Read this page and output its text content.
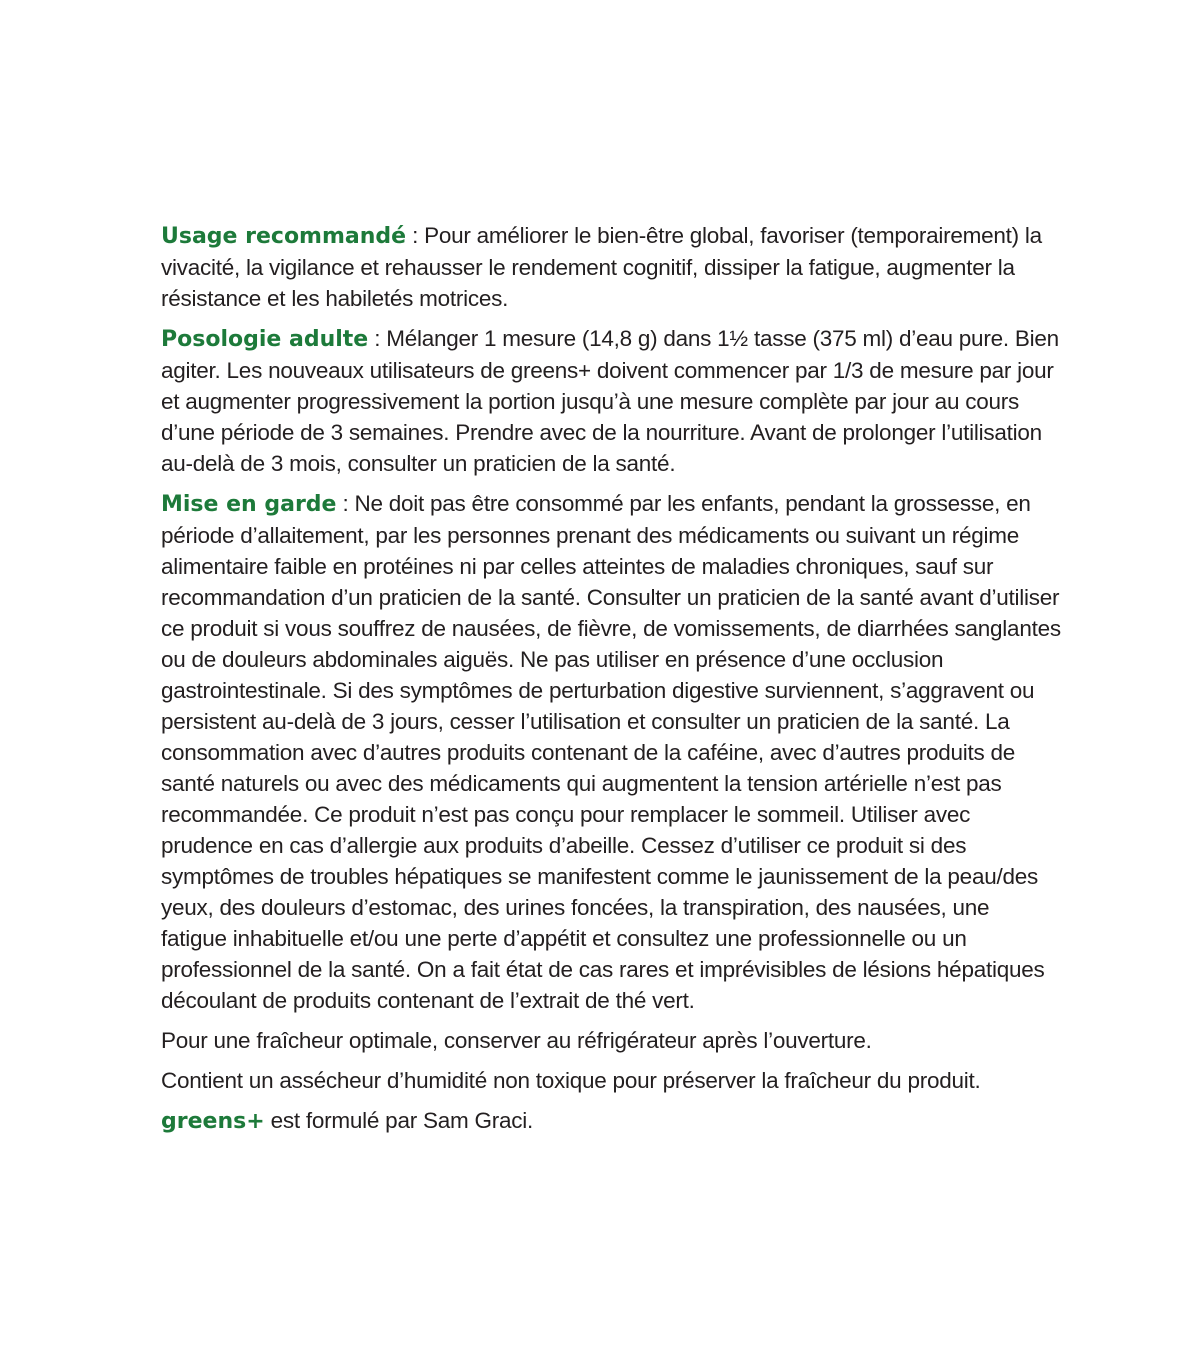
Usage recommandé : Pour améliorer le bien-être global, favoriser (temporairement) la vivacité, la vigilance et rehausser le rendement cognitif, dissiper la fatigue, augmenter la résistance et les habiletés motrices.

Posologie adulte : Mélanger 1 mesure (14,8 g) dans 1½ tasse (375 ml) d’eau pure. Bien agiter. Les nouveaux utilisateurs de greens+ doivent commencer par 1/3 de mesure par jour et augmenter progressivement la portion jusqu’à une mesure complète par jour au cours d’une période de 3 semaines. Prendre avec de la nourriture. Avant de prolonger l’utilisation au-delà de 3 mois, consulter un praticien de la santé.

Mise en garde : Ne doit pas être consommé par les enfants, pendant la grossesse, en période d’allaitement, par les personnes prenant des médicaments ou suivant un régime alimentaire faible en protéines ni par celles atteintes de maladies chroniques, sauf sur recommandation d’un praticien de la santé. Consulter un praticien de la santé avant d’utiliser ce produit si vous souffrez de nausées, de fièvre, de vomissements, de diarrhées sanglantes ou de douleurs abdominales aiguës. Ne pas utiliser en présence d’une occlusion gastrointestinale. Si des symptômes de perturbation digestive surviennent, s’aggravent ou persistent au-delà de 3 jours, cesser l’utilisation et consulter un praticien de la santé. La consommation avec d’autres produits contenant de la caféine, avec d’autres produits de santé naturels ou avec des médicaments qui augmentent la tension artérielle n’est pas recommandée. Ce produit n’est pas conçu pour remplacer le sommeil. Utiliser avec prudence en cas d’allergie aux produits d’abeille. Cessez d’utiliser ce produit si des symptômes de troubles hépatiques se manifestent comme le jaunissement de la peau/des yeux, des douleurs d’estomac, des urines foncées, la transpiration, des nausées, une fatigue inhabituelle et/ou une perte d’appétit et consultez une professionnelle ou un professionnel de la santé. On a fait état de cas rares et imprévisibles de lésions hépatiques découlant de produits contenant de l’extrait de thé vert.

Pour une fraîcheur optimale, conserver au réfrigérateur après l’ouverture.

Contient un assécheur d’humidité non toxique pour préserver la fraîcheur du produit.

greens+ est formulé par Sam Graci.
